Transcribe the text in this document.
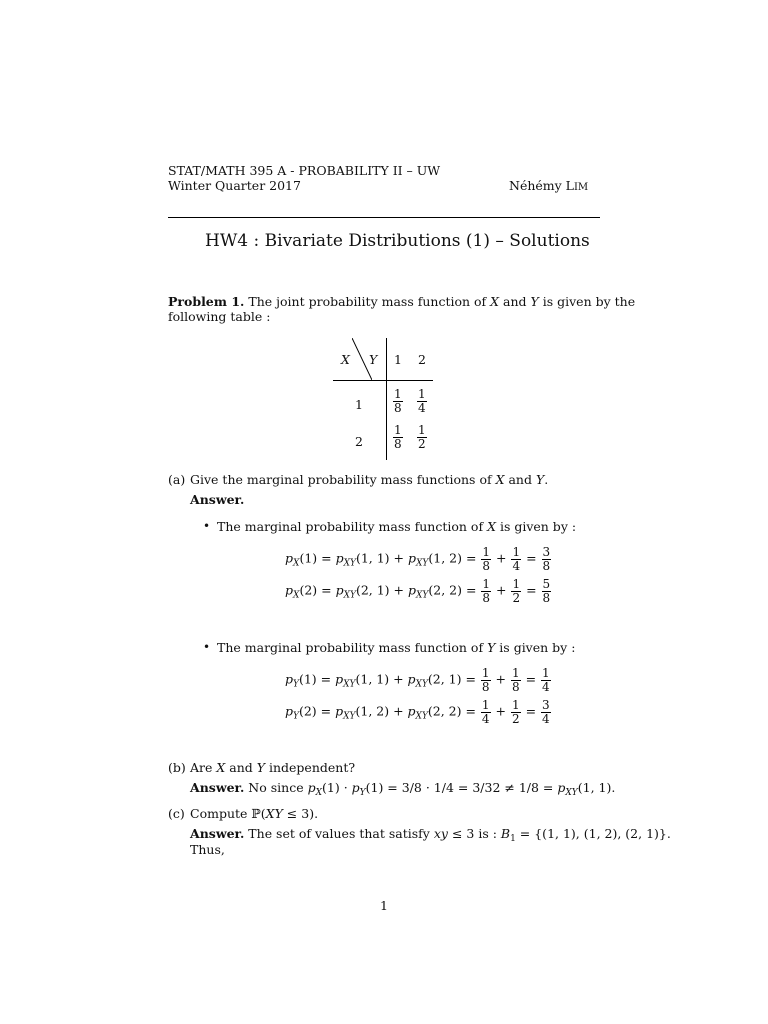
STAT/MATH 395 A - PROBABILITY II – UW
Winter Quarter 2017	Néhémy LIM
HW4 : Bivariate Distributions (1) – Solutions
Problem 1. The joint probability mass function of X and Y is given by the
following table :
X Y 1 2
1
2
$\frac{1}{8} \frac{1}{4}$
$\frac{1}{8} \frac{1}{2}$
(a) Give the marginal probability mass functions of X and Y.
Answer.
• The marginal probability mass function of X is given by :
$p_X(1) = p_{XY}(1$, $1) + p_{XY}(1$, $2) = \frac{1}{8} + \frac{1}{4} = \frac{3}{8}$
$p_X(2) = p_{XY}(2$, $1) + p_{XY}(2$, $2) = \frac{1}{8} + \frac{1}{2} = \frac{5}{8}$
• The marginal probability mass function of Y is given by :
$p_Y(1) = p_{XY}(1$, $1) + p_{XY}(2$, $1) = \frac{1}{8} + \frac{1}{8} = \frac{1}{4}$
$p_Y(2) = p_{XY}(1$, $2) + p_{XY}(2$, $2) = \frac{1}{4} + \frac{1}{2} = \frac{3}{4}$
(b) Are X and Y independent?
Answer. No since $p_X(1) \cdot p_Y(1) = 3/8 \cdot 1/4 = 3/32 \ne 1/8 = p_{XY}(1$, 1).
(c) Compute ℙ(XY ≤ 3).
Answer. The set of values that satisfy xy ≤ 3 is : $B_1 = \{(1$, 1), (1, 2), (2, 1)}.
Thus,
1
